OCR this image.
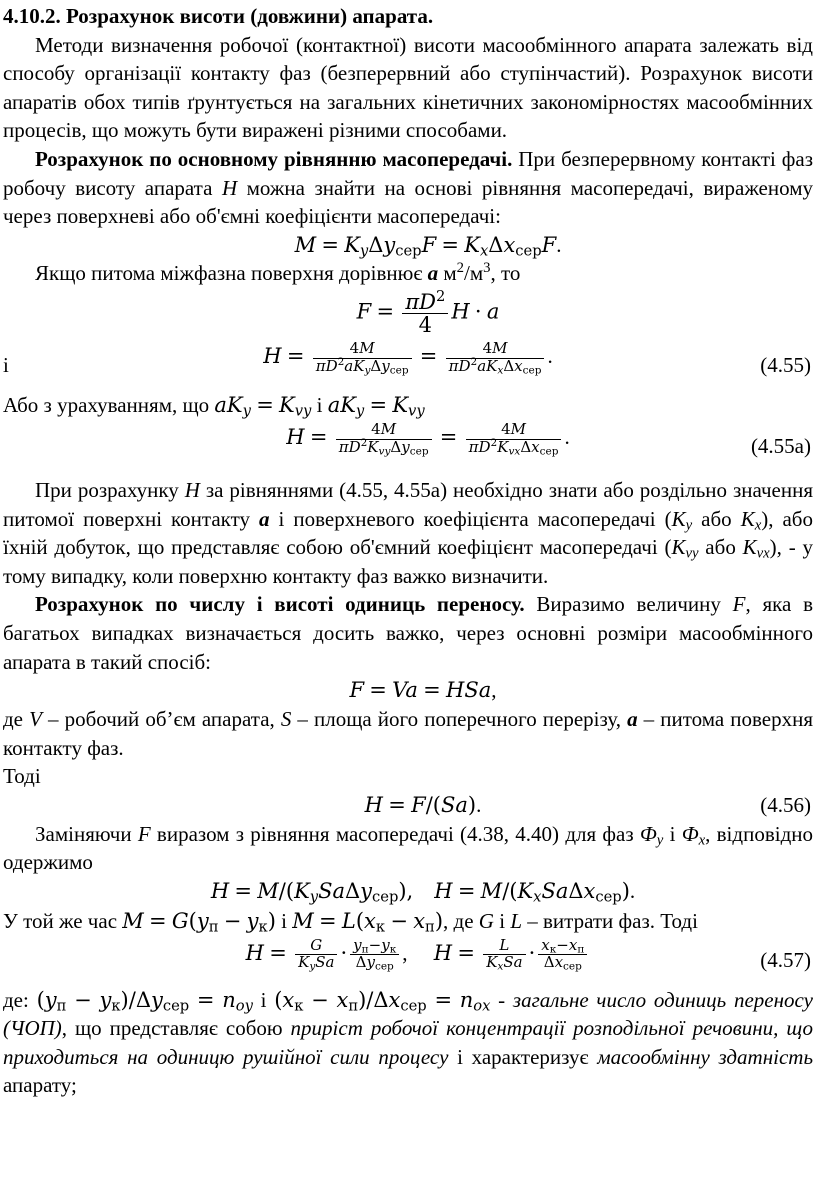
4.10.2. Розрахунок висоти (довжини) апарата.

Методи визначення робочої (контактної) висоти масообмінного апарата залежать від способу організації контакту фаз (безперервний або ступінчастий). Розрахунок висоти апаратів обох типів ґрунтується на загальних кінетичних закономірностях масообмінних процесів, що можуть бути виражені різними способами.

Розрахунок по основному рівнянню масопередачі. При безперервному контакті фаз робочу висоту апарата H можна знайти на основі рівняння масопередачі, вираженому через поверхневі або об'ємні коефіцієнти масопередачі:

$M = K_y\Delta y_{сер}F = K_x\Delta x_{сер}F$.

Якщо питома міжфазна поверхня дорівнює a $м^2/м^3$, то

$F = \frac{\pi D^2}{4}$ H · a
і	$H = \frac{4M}{\pi D^2aK_y\Delta y_{сер}} = \frac{4M}{\pi D^2aK_x\Delta x_{сер}}$ .	(4.55)

Або з урахуванням, що $aK_y = K_{vy}$ і $aK_y = K_{vy}$

$H = \frac{4M}{\pi D^2K_{vy}\Delta y_{сер}} = \frac{4M}{\pi D^2K_{vx}\Delta x_{сер}}$ .	(4.55a)

При розрахунку H за рівняннями (4.55, 4.55а) необхідно знати або роздільно значення питомої поверхні контакту a і поверхневого коефіцієнта масопередачі ($K_y$ або $K_x$), або їхній добуток, що представляє собою об'ємний коефіцієнт масопередачі ($K_{vy}$ або $K_{vx}$), - у тому випадку, коли поверхню контакту фаз важко визначити.

Розрахунок по числу і висоті одиниць переносу. Виразимо величину F, яка в багатьох випадках визначається досить важко, через основні розміри масообмінного апарата в такий спосіб:

F = Va = HSa,

де V – робочий об’єм апарата, S – площа його поперечного перерізу, a – питома поверхня контакту фаз.

Тоді

H = F/(Sa).	(4.56)

Заміняючи F виразом з рівняння масопередачі (4.38, 4.40) для фаз $Ф_y$ і $Ф_x$, відповідно одержимо

$H = M/(K_ySa\Delta y_{сер})$, $H = M/(K_xSa\Delta x_{сер})$.

У той же час $M = G(y_п - y_к)$ і $M = L(x_к - x_п)$, де G і L – витрати фаз. Тоді

$H = \frac{G}{K_ySa} \cdot \frac{y_п-y_к}{\Delta y_{сер}}$ ,     $H = \frac{L}{K_xSa} \cdot \frac{x_к-x_п}{\Delta x_{сер}}$	(4.57)

де: $(y_п - y_к)/\Delta y_{сер} = n_{oy}$ і $(x_к - x_п)/\Delta x_{сер} = n_{ox}$ - загальне число одиниць переносу (ЧОП), що представляє собою приріст робочої концентрації розподільної речовини, що приходиться на одиницю рушійної сили процесу і характеризує масообмінну здатність апарату;
